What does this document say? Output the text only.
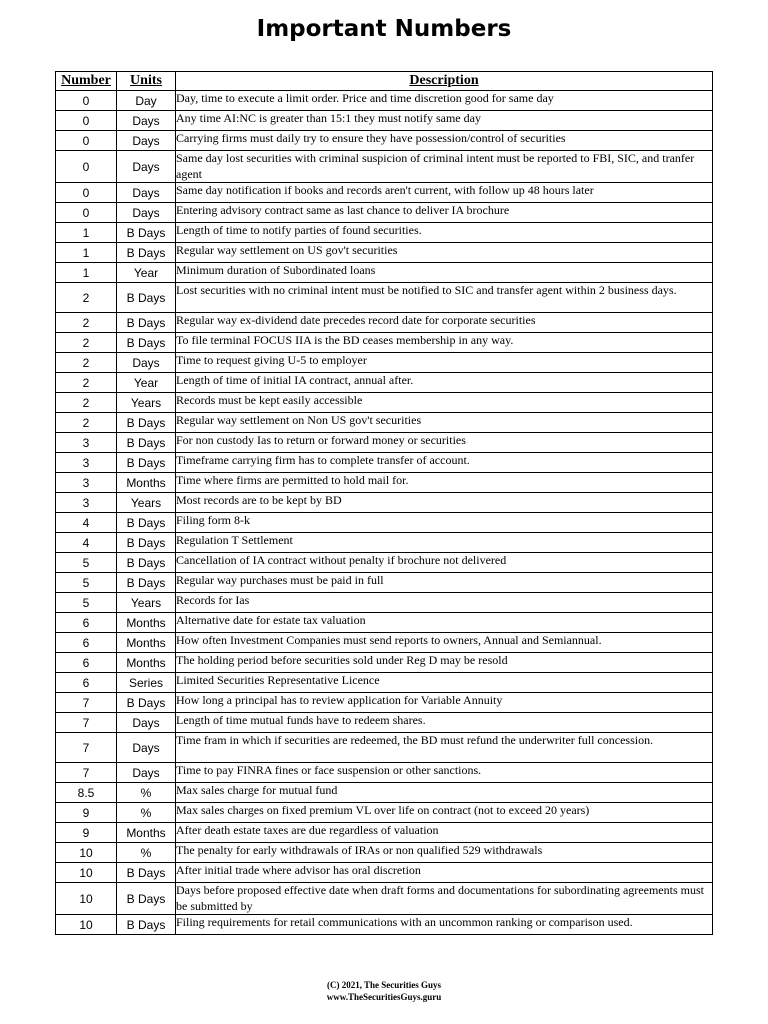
Important Numbers
Number	Units	Description
0	Day	Day, time to execute a limit order. Price and time discretion good for same day
0	Days	Any time AI:NC is greater than 15:1 they must notify same day
0	Days	Carrying firms must daily try to ensure they have possession/control of securities
0	Days	Same day lost securities with criminal suspicion of criminal intent must be reported to FBI, SIC, and tranfer agent
0	Days	Same day notification if books and records aren't current, with follow up 48 hours later
0	Days	Entering advisory contract same as last chance to deliver IA brochure
1	B Days	Length of time to notify parties of found securities.
1	B Days	Regular way settlement on US gov't securities
1	Year	Minimum duration of Subordinated loans
2	B Days	Lost securities with no criminal intent must be notified to SIC and transfer agent within 2 business days.
2	B Days	Regular way ex-dividend date precedes record date for corporate securities
2	B Days	To file terminal FOCUS IIA is the BD ceases membership in any way.
2	Days	Time to request giving U-5 to employer
2	Year	Length of time of initial IA contract, annual after.
2	Years	Records must be kept easily accessible
2	B Days	Regular way settlement on Non US gov't securities
3	B Days	For non custody Ias to return or forward money or securities
3	B Days	Timeframe carrying firm has to complete transfer of account.
3	Months	Time where firms are permitted to hold mail for.
3	Years	Most records are to be kept by BD
4	B Days	Filing form 8-k
4	B Days	Regulation T Settlement
5	B Days	Cancellation of IA contract without penalty if brochure not delivered
5	B Days	Regular way purchases must be paid in full
5	Years	Records for Ias
6	Months	Alternative date for estate tax valuation
6	Months	How often Investment Companies must send reports to owners, Annual and Semiannual.
6	Months	The holding period before securities sold under Reg D may be resold
6	Series	Limited Securities Representative Licence
7	B Days	How long a principal has to review application for Variable Annuity
7	Days	Length of time mutual funds have to redeem shares.
7	Days	Time fram in which if securities are redeemed, the BD must refund the underwriter full concession.
7	Days	Time to pay FINRA fines or face suspension or other sanctions.
8.5	%	Max sales charge for mutual fund
9	%	Max sales charges on fixed premium VL over life on contract (not to exceed 20 years)
9	Months	After death estate taxes are due regardless of valuation
10	%	The penalty for early withdrawals of IRAs or non qualified 529 withdrawals
10	B Days	After initial trade where advisor has oral discretion
10	B Days	Days before proposed effective date when draft forms and documentations for subordinating agreements must be submitted by
10	B Days	Filing requirements for retail communications with an uncommon ranking or comparison used.
(C) 2021, The Securities Guys
www.TheSecuritiesGuys.guru
